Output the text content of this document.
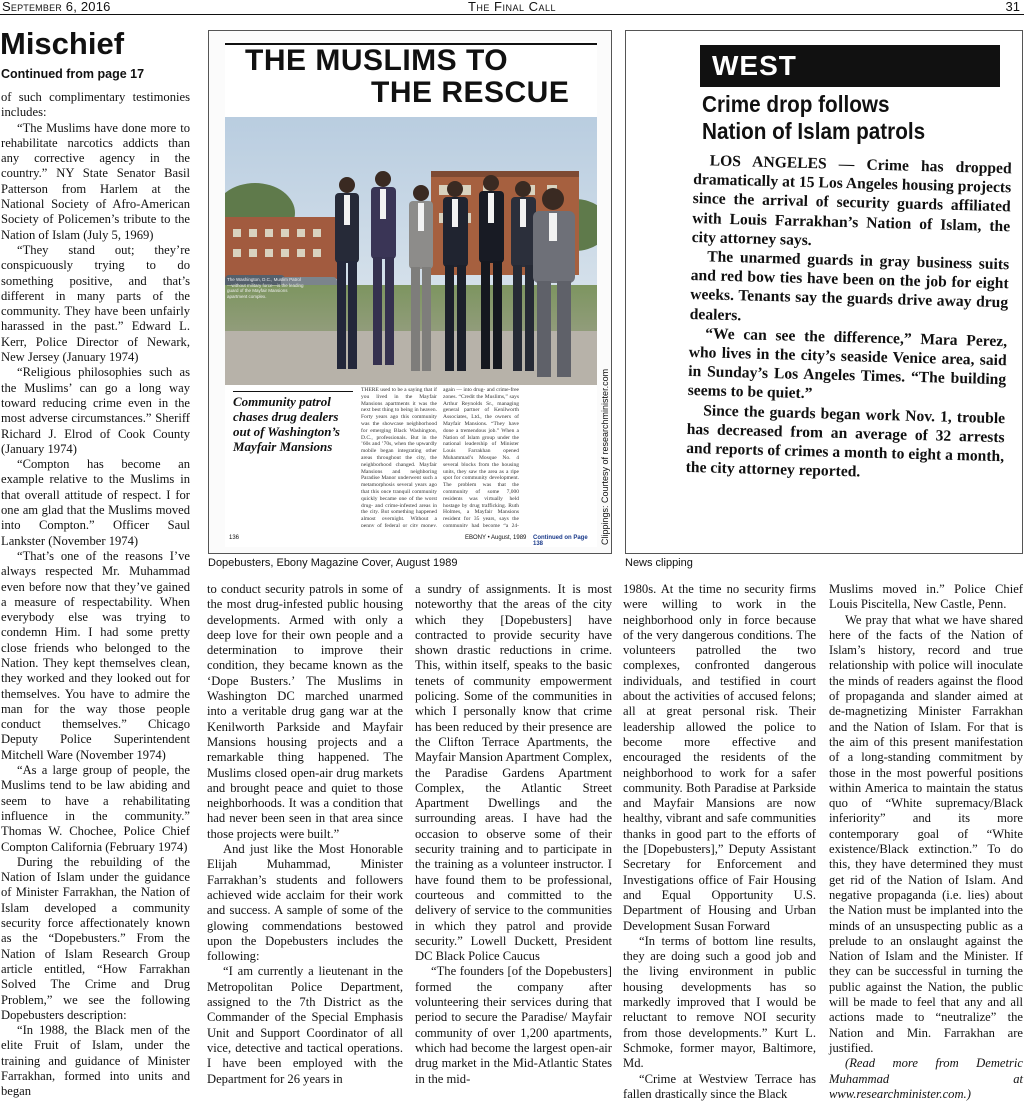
The Final Call
September 6, 2016	31
Mischief
Continued from page 17

of such complimentary testimonies includes:

“The Muslims have done more to rehabilitate narcotics addicts than any corrective agency in the country.” NY State Senator Basil Patterson from Harlem at the National Society of Afro-American Society of Policemen’s tribute to the Nation of Islam (July 5, 1969)

“They stand out; they’re conspicuously trying to do something positive, and that’s different in many parts of the community. They have been unfairly harassed in the past.” Edward L. Kerr, Police Director of Newark, New Jersey (January 1974)

“Religious philosophies such as the Muslims’ can go a long way toward reducing crime even in the most adverse circumstances.” Sheriff Richard J. Elrod of Cook County (January 1974)

“Compton has become an example relative to the Muslims in that overall attitude of respect. I for one am glad that the Muslims moved into Compton.” Officer Saul Lankster (November 1974)

“That’s one of the reasons I’ve always respected Mr. Muhammad even before now that they’ve gained a measure of respectability. When everybody else was trying to condemn Him. I had some pretty close friends who belonged to the Nation. They kept themselves clean, they worked and they looked out for themselves. You have to admire the man for the way those people conduct themselves.” Chicago Deputy Police Superintendent Mitchell Ware (November 1974)

“As a large group of people, the Muslims tend to be law abiding and seem to have a rehabilitating influence in the community.” Thomas W. Chochee, Police Chief Compton California (February 1974)

During the rebuilding of the Nation of Islam under the guidance of Minister Farrakhan, the Nation of Islam developed a community security force affectionately known as the “Dopebusters.” From the Nation of Islam Research Group article entitled, “How Farrakhan Solved The Crime and Drug Problem,” we see the following Dopebusters description:

“In 1988, the Black men of the elite Fruit of Islam, under the training and guidance of Minister Farrakhan, formed into units and began

THE MUSLIMS TO
THE RESCUE
The Washington, D.C., Muslim Patrol—without military force—is the leading guard of the Mayfair Mansions apartment complex.
Community patrol chases drug dealers out of Washington’s Mayfair Mansions
THERE used to be a saying that if you lived in the Mayfair Mansions apartments it was the next best thing to being in heaven. Forty years ago this community was the showcase neighborhood for emerging Black Washington, D.C., professionals. But in the ’60s and ’70s, when the upwardly mobile began integrating other areas throughout the city, the neighborhood changed. Mayfair Mansions and neighboring Paradise Manor underwent such a metamorphosis several years ago that this once tranquil community quickly became one of the worst drug- and crime-infested areas in the city. But something happened almost overnight. Without a penny of federal or city money,
again — into drug- and crime-free zones. “Credit the Muslims,” says Arthur Reynolds Sr., managing general partner of Kenilworth Associates, Ltd., the owners of Mayfair Mansions. “They have done a tremendous job.” When a Nation of Islam group under the national leadership of Minister Louis Farrakhan opened Muhammad’s Mosque No. 4 several blocks from the housing units, they saw the area as a ripe spot for community development. The problem was that the community of some 7,000 residents was virtually held hostage by drug trafficking. Ruth Holmes, a Mayfair Mansions resident for 35 years, says the community had become “a 24-
136	EBONY • August, 1989 Continued on Page 138
Dopebusters, Ebony Magazine Cover, August 1989
Clippings: Courtesy of researchminister.com
WEST
Crime drop follows Nation of Islam patrols

LOS ANGELES — Crime has dropped dramatically at 15 Los Angeles housing projects since the arrival of security guards affiliated with Louis Farrakhan’s Nation of Islam, the city attorney says.

The unarmed guards in gray business suits and red bow ties have been on the job for eight weeks. Tenants say the guards drive away drug dealers.

“We can see the difference,” Mara Perez, who lives in the city’s seaside Venice area, said in Sunday’s Los Angeles Times. “The building seems to be quiet.”

Since the guards began work Nov. 1, trouble has decreased from an average of 32 arrests and reports of crimes a month to eight a month, the city attorney reported.

News clipping

to conduct security patrols in some of the most drug-infested public housing developments. Armed with only a deep love for their own people and a determination to improve their condition, they became known as the ‘Dope Busters.’ The Muslims in Washington DC marched unarmed into a veritable drug gang war at the Kenilworth Parkside and Mayfair Mansions housing projects and a remarkable thing happened. The Muslims closed open-air drug markets and brought peace and quiet to those neighborhoods. It was a condition that had never been seen in that area since those projects were built.”

And just like the Most Honorable Elijah Muhammad, Minister Farrakhan’s students and followers achieved wide acclaim for their work and success. A sample of some of the glowing commendations bestowed upon the Dopebusters includes the following:

“I am currently a lieutenant in the Metropolitan Police Department, assigned to the 7th District as the Commander of the Special Emphasis Unit and Support Coordinator of all vice, detective and tactical operations. I have been employed with the Department for 26 years in

a sundry of assignments. It is most noteworthy that the areas of the city which they [Dopebusters] have contracted to provide security have shown drastic reductions in crime. This, within itself, speaks to the basic tenets of community empowerment policing. Some of the communities in which I personally know that crime has been reduced by their presence are the Clifton Terrace Apartments, the Mayfair Mansion Apartment Complex, the Paradise Gardens Apartment Complex, the Atlantic Street Apartment Dwellings and the surrounding areas. I have had the occasion to observe some of their security training and to participate in the training as a volunteer instructor. I have found them to be professional, courteous and committed to the delivery of service to the communities in which they patrol and provide security.” Lowell Duckett, President DC Black Police Caucus

“The founders [of the Dopebusters] formed the company after volunteering their services during that period to secure the Paradise/ Mayfair community of over 1,200 apartments, which had become the largest open-air drug market in the Mid-Atlantic States in the mid-

1980s. At the time no security firms were willing to work in the neighborhood only in force because of the very dangerous conditions. The volunteers patrolled the two complexes, confronted dangerous individuals, and testified in court about the activities of accused felons; all at great personal risk. Their leadership allowed the police to become more effective and encouraged the residents of the neighborhood to work for a safer community. Both Paradise at Parkside and Mayfair Mansions are now healthy, vibrant and safe communities thanks in good part to the efforts of the [Dopebusters],” Deputy Assistant Secretary for Enforcement and Investigations office of Fair Housing and Equal Opportunity U.S. Department of Housing and Urban Development Susan Forward

“In terms of bottom line results, they are doing such a good job and the living environment in public housing developments has so markedly improved that I would be reluctant to remove NOI security from those developments.” Kurt L. Schmoke, former mayor, Baltimore, Md.

“Crime at Westview Terrace has fallen drastically since the Black

Muslims moved in.” Police Chief Louis Piscitella, New Castle, Penn.

We pray that what we have shared here of the facts of the Nation of Islam’s history, record and true relationship with police will inoculate the minds of readers against the flood of propaganda and slander aimed at de-magnetizing Minister Farrakhan and the Nation of Islam. For that is the aim of this present manifestation of a long-standing commitment by those in the most powerful positions within America to maintain the status quo of “White supremacy/Black inferiority” and its more contemporary goal of “White existence/Black extinction.” To do this, they have determined they must get rid of the Nation of Islam. And negative propaganda (i.e. lies) about the Nation must be implanted into the minds of an unsuspecting public as a prelude to an onslaught against the Nation of Islam and the Minister. If they can be successful in turning the public against the Nation, the public will be made to feel that any and all actions made to “neutralize” the Nation and Min. Farrakhan are justified.

(Read more from Demetric Muhammad at www.researchminister.com.)
